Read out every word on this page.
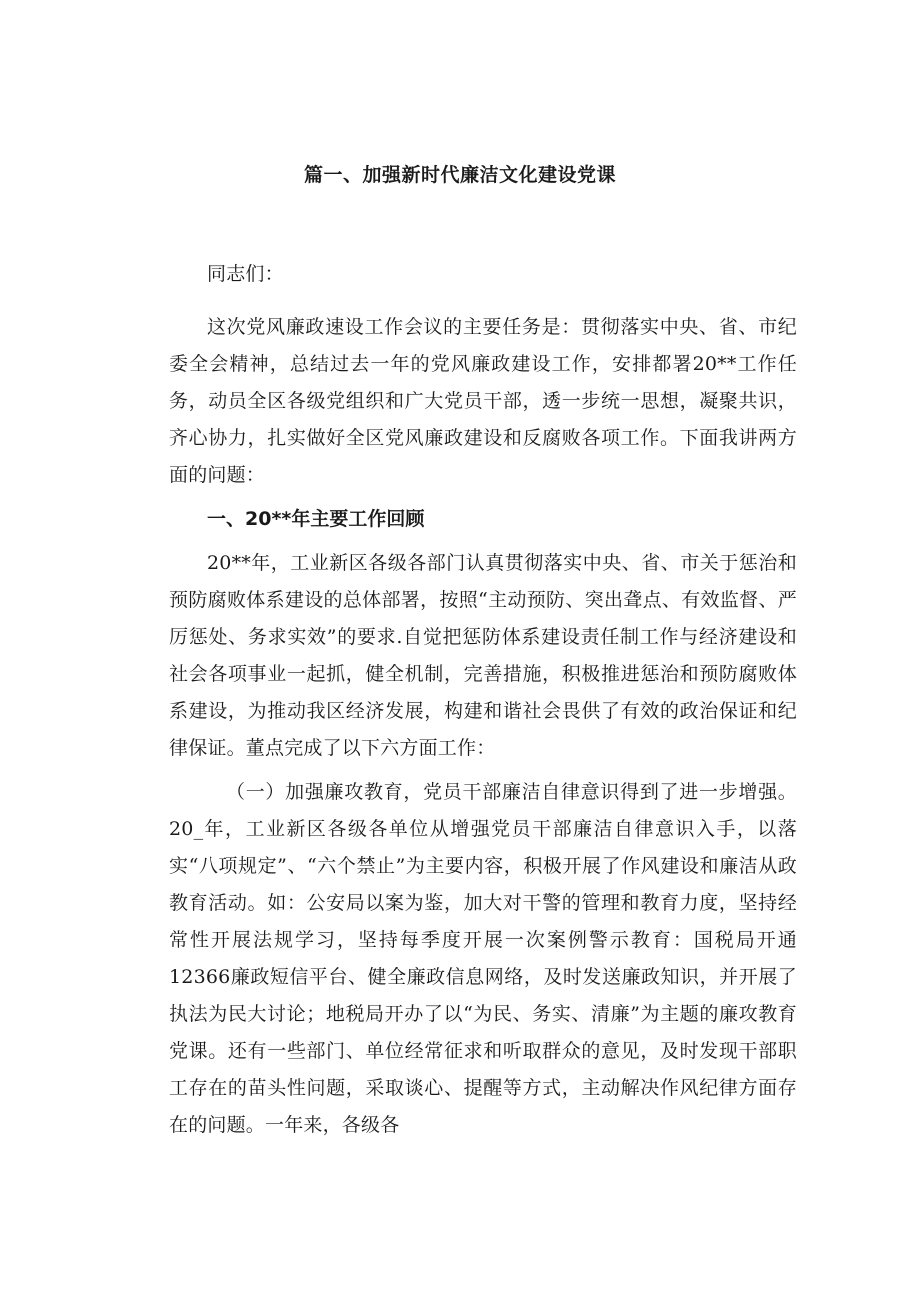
篇一、加强新时代廉洁文化建设党课

同志们：

这次党风廉政速设工作会议的主要任务是：贯彻落实中央、省、市纪委全会精神，总结过去一年的党风廉政建设工作，安排都署20**工作任务，动员全区各级党组织和广大党员干部，透一步统一思想，凝聚共识，齐心协力，扎实做好全区党风廉政建设和反腐败各项工作。下面我讲两方面的问题：

一、20**年主要工作回顾

20**年，工业新区各级各部门认真贯彻落实中央、省、市关于惩治和预防腐败体系建设的总体部署，按照“主动预防、突出聋点、有效监督、严厉惩处、务求实效”的要求.自觉把惩防体系建设责任制工作与经济建设和社会各项事业一起抓，健全机制，完善措施，积极推进惩治和预防腐败体系建设，为推动我区经济发展，构建和谐社会畏供了有效的政治保证和纪律保证。董点完成了以下六方面工作：

（一）加强廉攻教育，党员干部廉洁自律意识得到了进一步增强。20_年，工业新区各级各单位从增强党员干部廉洁自律意识入手，以落实“八项规定”、“六个禁止”为主要内容，积极开展了作风建设和廉洁从政教育活动。如：公安局以案为鉴，加大对干警的管理和教育力度，坚持经常性开展法规学习，坚持每季度开展一次案例警示教育：国税局开通12366廉政短信平台、健全廉政信息网络，及时发送廉政知识，并开展了执法为民大讨论；地税局开办了以“为民、务实、清廉”为主题的廉攻教育党课。还有一些部门、单位经常征求和听取群众的意见，及时发现干部职工存在的苗头性问题，采取谈心、提醒等方式，主动解决作风纪律方面存在的问题。一年来，各级各
